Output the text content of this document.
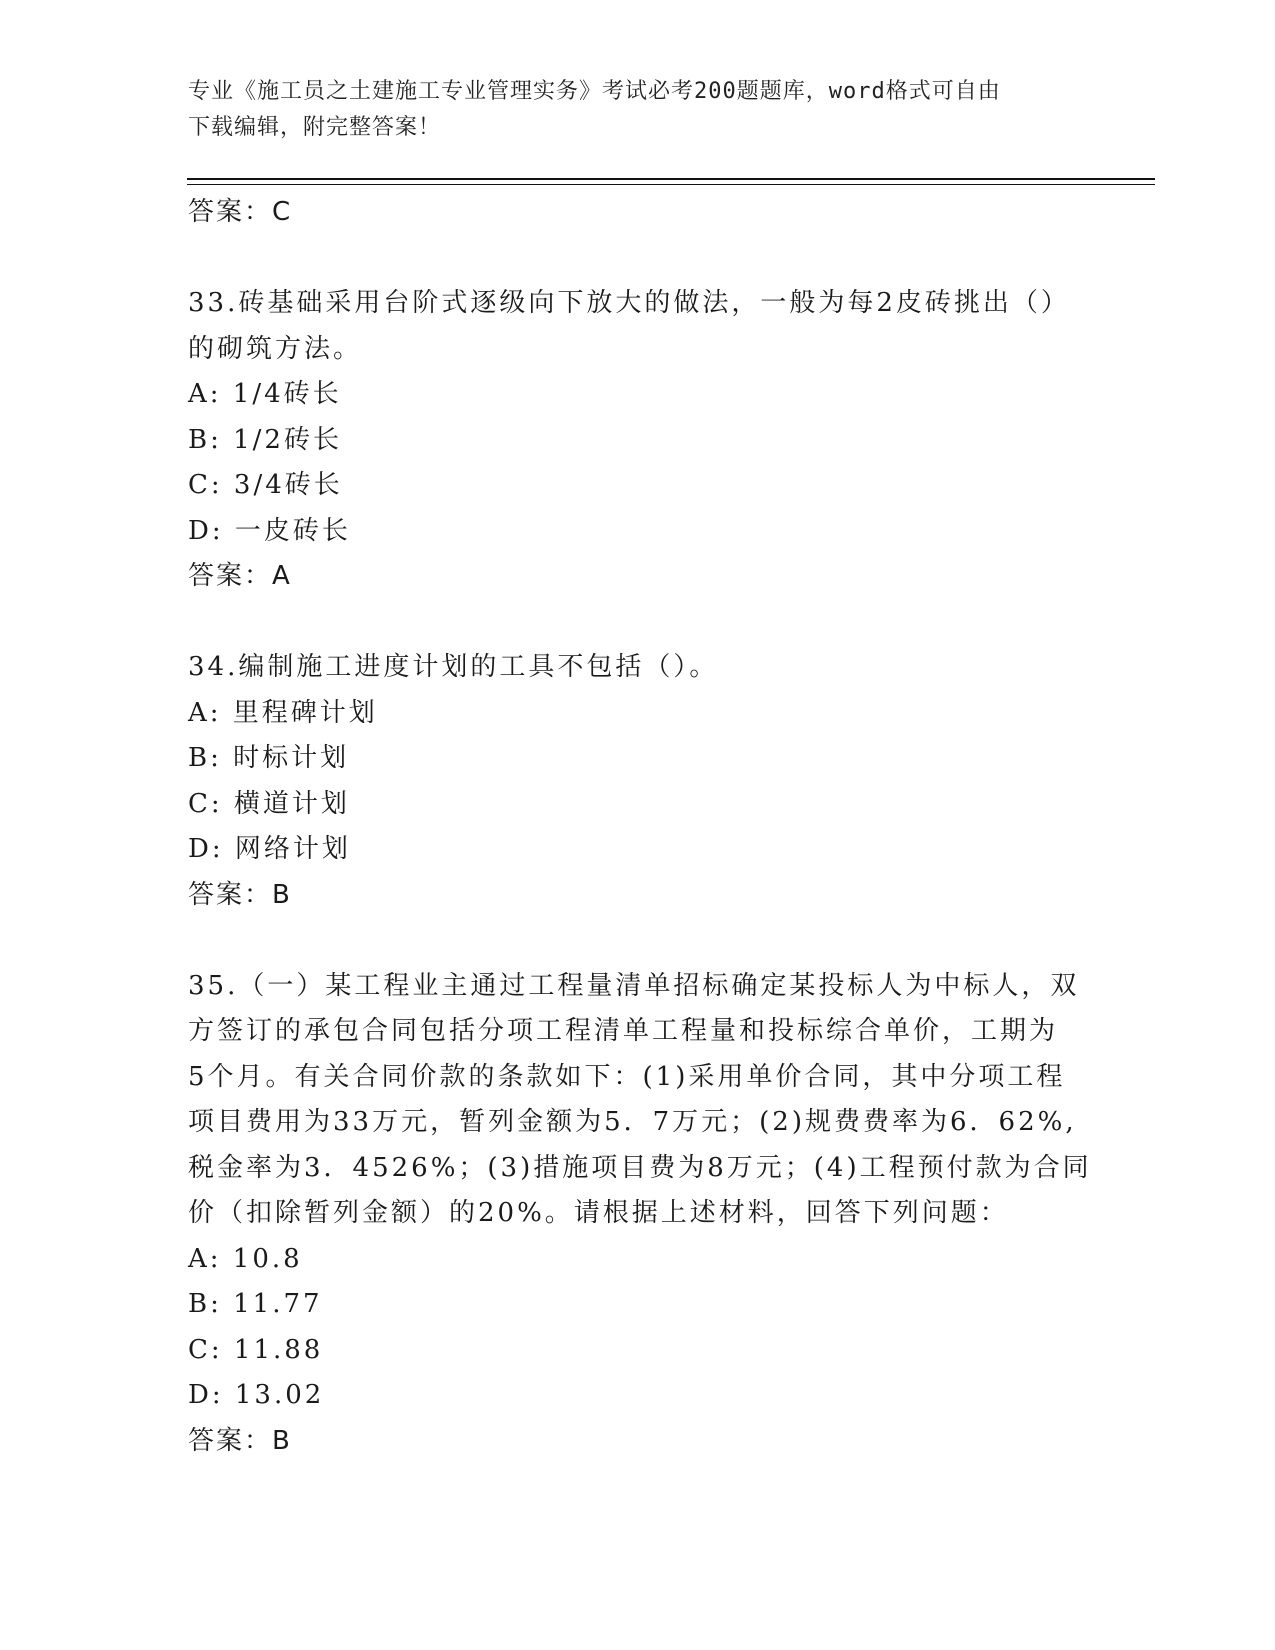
专业《施工员之土建施工专业管理实务》考试必考200题题库，word格式可自由
下载编辑，附完整答案！
答案：C
33.砖基础采用台阶式逐级向下放大的做法，一般为每2皮砖挑出（）
的砌筑方法。
A: 1/4砖长
B: 1/2砖长
C: 3/4砖长
D: 一皮砖长
答案：A
34.编制施工进度计划的工具不包括（）。
A: 里程碑计划
B: 时标计划
C: 横道计划
D: 网络计划
答案：B
35.（一）某工程业主通过工程量清单招标确定某投标人为中标人，双
方签订的承包合同包括分项工程清单工程量和投标综合单价，工期为
5个月。有关合同价款的条款如下：(1)采用单价合同，其中分项工程
项目费用为33万元，暂列金额为5．7万元；(2)规费费率为6．62%,
税金率为3．4526%；(3)措施项目费为8万元；(4)工程预付款为合同
价（扣除暂列金额）的20%。请根据上述材料，回答下列问题：
A: 10.8
B: 11.77
C: 11.88
D: 13.02
答案：B
